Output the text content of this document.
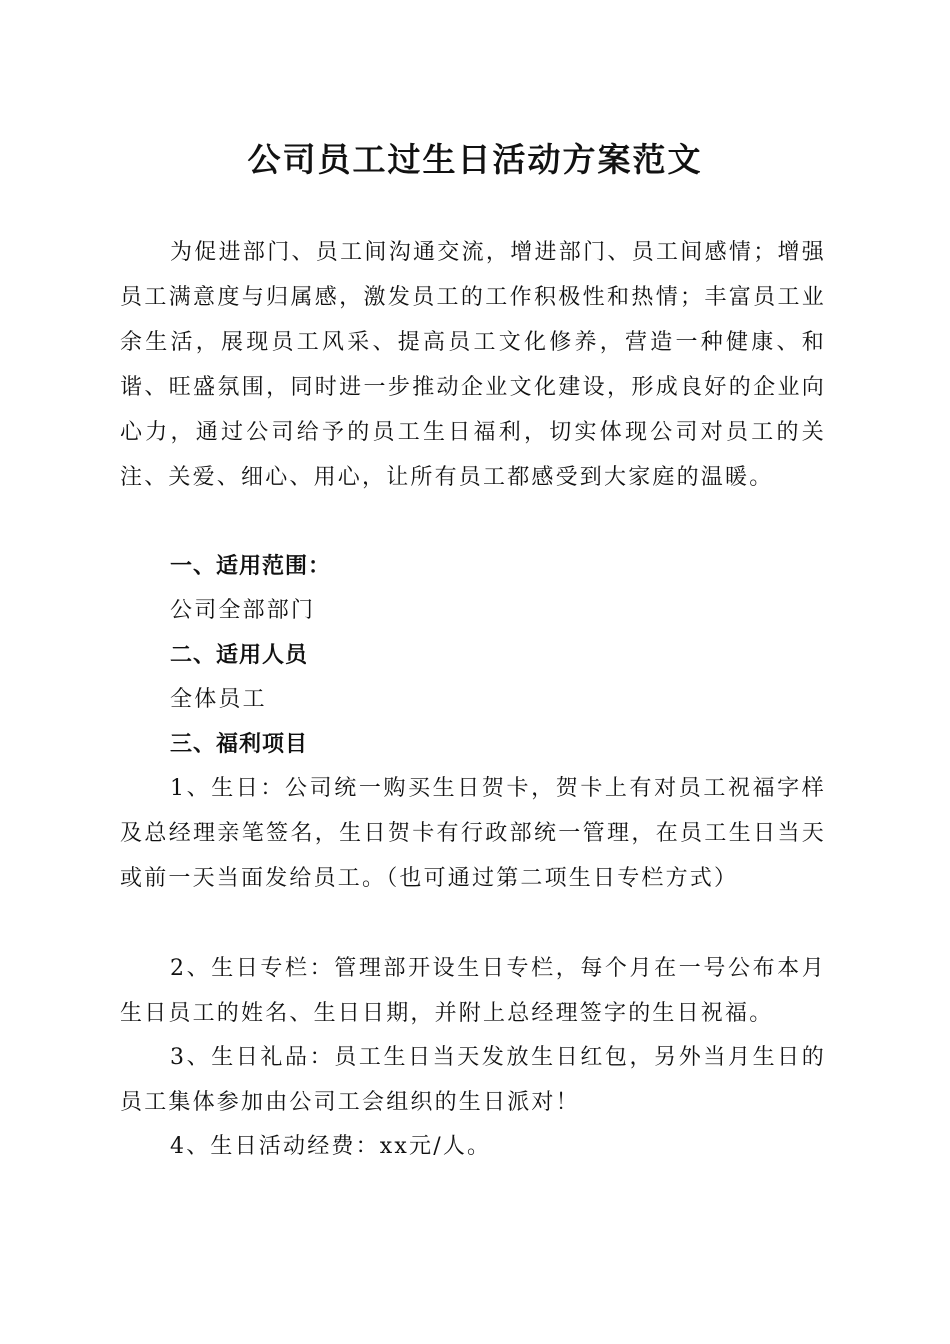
公司员工过生日活动方案范文

为促进部门、员工间沟通交流，增进部门、员工间感情；增强员工满意度与归属感，激发员工的工作积极性和热情；丰富员工业余生活，展现员工风采、提高员工文化修养，营造一种健康、和谐、旺盛氛围，同时进一步推动企业文化建设，形成良好的企业向心力，通过公司给予的员工生日福利，切实体现公司对员工的关注、关爱、细心、用心，让所有员工都感受到大家庭的温暖。

一、适用范围：

公司全部部门

二、适用人员

全体员工

三、福利项目

1、生日：公司统一购买生日贺卡，贺卡上有对员工祝福字样及总经理亲笔签名，生日贺卡有行政部统一管理，在员工生日当天或前一天当面发给员工。（也可通过第二项生日专栏方式）

2、生日专栏：管理部开设生日专栏，每个月在一号公布本月生日员工的姓名、生日日期，并附上总经理签字的生日祝福。

3、生日礼品：员工生日当天发放生日红包，另外当月生日的员工集体参加由公司工会组织的生日派对！

4、生日活动经费：xx元/人。
